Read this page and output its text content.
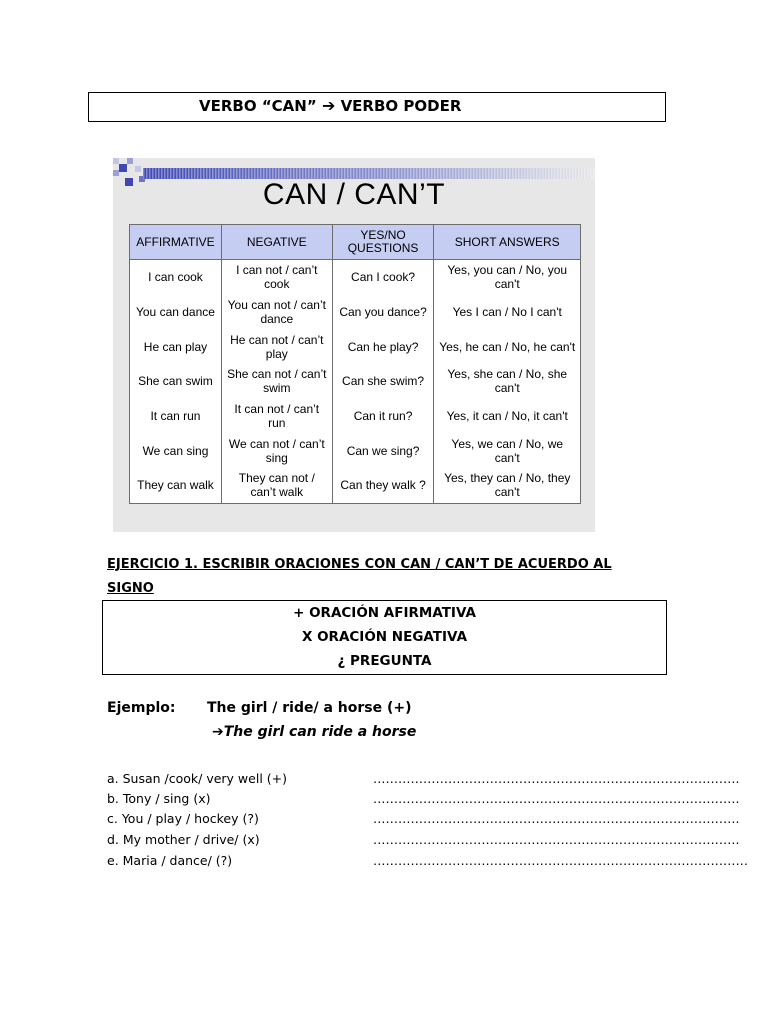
VERBO “CAN” ➔ VERBO PODER
CAN / CAN’T
AFFIRMATIVE	NEGATIVE	YES/NO QUESTIONS	SHORT ANSWERS
I can cook	I can not / can’t cook	Can I cook?	Yes, you can / No, you can't
You can dance	You can not / can’t dance	Can you dance?	Yes I can / No I can't
He can play	He can not / can’t play	Can he play?	Yes, he can / No, he can't
She can swim	She can not / can’t swim	Can she swim?	Yes, she can / No, she can't
It can run	It can not / can’t run	Can it run?	Yes, it can / No, it can't
We can sing	We can not / can’t sing	Can we sing?	Yes, we can / No, we can't
They can walk	They can not / can’t walk	Can they walk ?	Yes, they can / No, they can't
EJERCICIO 1. ESCRIBIR ORACIONES CON CAN / CAN’T DE ACUERDO AL SIGNO
+ ORACIÓN AFIRMATIVA
X ORACIÓN NEGATIVA
¿ PREGUNTA
Ejemplo: The girl / ride/ a horse (+)
➔The girl can ride a horse
a. Susan /cook/ very well (+)	…………………………………………………………………………….
b. Tony / sing (x)	…………………………………………………………………………….
c. You / play / hockey (?)	…………………………………………………………………………….
d. My mother / drive/ (x)	…………………………………………………………………………….
e. Maria / dance/ (?)	………………………………………………………………………………
